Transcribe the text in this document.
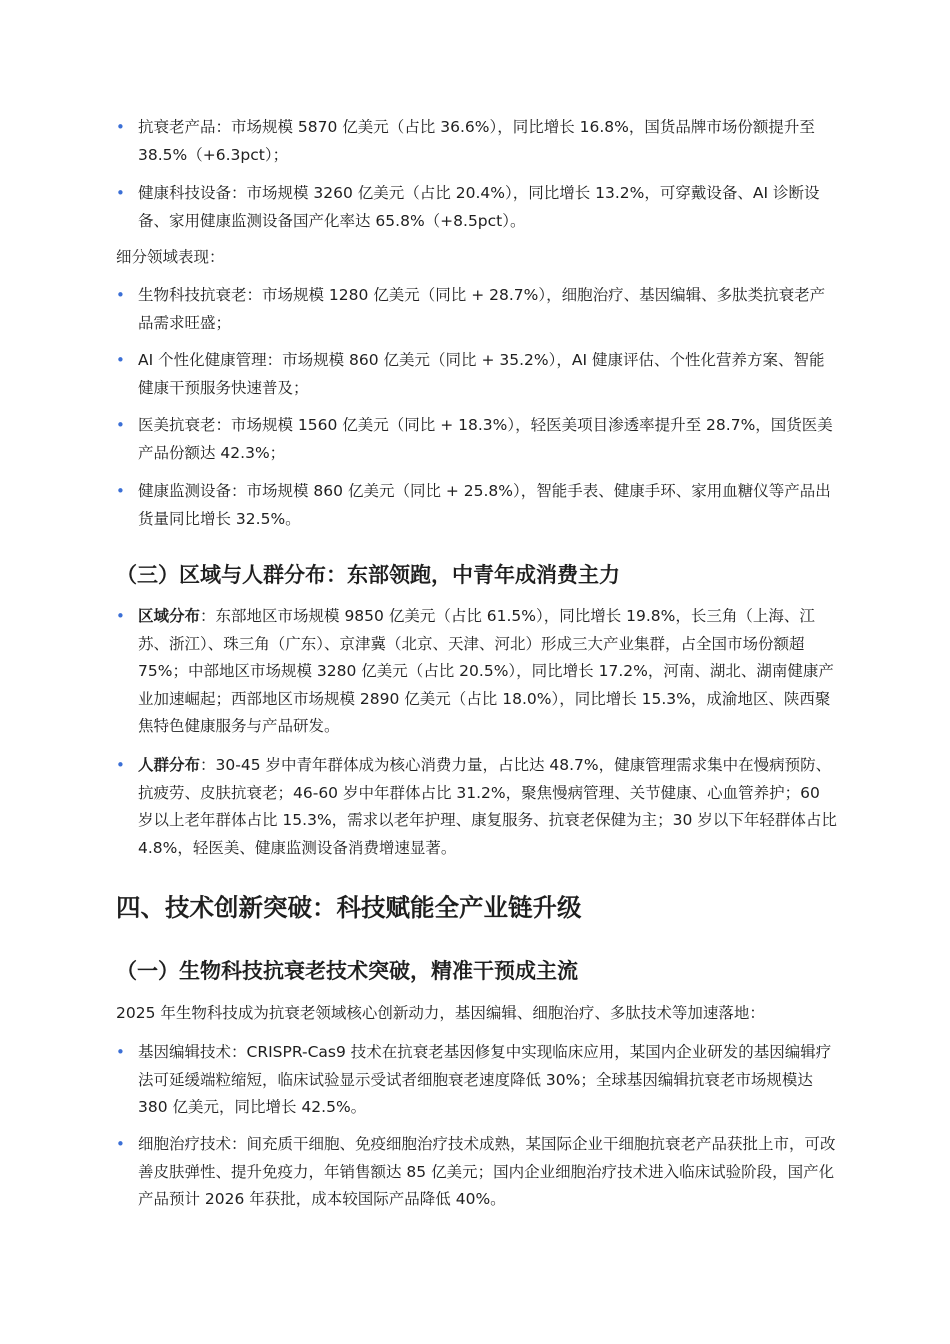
• 抗衰老产品：市场规模 5870 亿美元（占比 36.6%），同比增长 16.8%，国货品牌市场份额提升至 38.5%（+6.3pct）；
• 健康科技设备：市场规模 3260 亿美元（占比 20.4%），同比增长 13.2%，可穿戴设备、AI 诊断设备、家用健康监测设备国产化率达 65.8%（+8.5pct）。

细分领域表现：

• 生物科技抗衰老：市场规模 1280 亿美元（同比 + 28.7%），细胞治疗、基因编辑、多肽类抗衰老产品需求旺盛；
• AI 个性化健康管理：市场规模 860 亿美元（同比 + 35.2%），AI 健康评估、个性化营养方案、智能健康干预服务快速普及；
• 医美抗衰老：市场规模 1560 亿美元（同比 + 18.3%），轻医美项目渗透率提升至 28.7%，国货医美产品份额达 42.3%；
• 健康监测设备：市场规模 860 亿美元（同比 + 25.8%），智能手表、健康手环、家用血糖仪等产品出货量同比增长 32.5%。
（三）区域与人群分布：东部领跑，中青年成消费主力
• 区域分布：东部地区市场规模 9850 亿美元（占比 61.5%），同比增长 19.8%，长三角（上海、江苏、浙江）、珠三角（广东）、京津冀（北京、天津、河北）形成三大产业集群，占全国市场份额超 75%；中部地区市场规模 3280 亿美元（占比 20.5%），同比增长 17.2%，河南、湖北、湖南健康产业加速崛起；西部地区市场规模 2890 亿美元（占比 18.0%），同比增长 15.3%，成渝地区、陕西聚焦特色健康服务与产品研发。
• 人群分布：30-45 岁中青年群体成为核心消费力量，占比达 48.7%，健康管理需求集中在慢病预防、抗疲劳、皮肤抗衰老；46-60 岁中年群体占比 31.2%，聚焦慢病管理、关节健康、心血管养护；60 岁以上老年群体占比 15.3%，需求以老年护理、康复服务、抗衰老保健为主；30 岁以下年轻群体占比 4.8%，轻医美、健康监测设备消费增速显著。
四、技术创新突破：科技赋能全产业链升级
（一）生物科技抗衰老技术突破，精准干预成主流

2025 年生物科技成为抗衰老领域核心创新动力，基因编辑、细胞治疗、多肽技术等加速落地：

• 基因编辑技术：CRISPR-Cas9 技术在抗衰老基因修复中实现临床应用，某国内企业研发的基因编辑疗法可延缓端粒缩短，临床试验显示受试者细胞衰老速度降低 30%；全球基因编辑抗衰老市场规模达 380 亿美元，同比增长 42.5%。
• 细胞治疗技术：间充质干细胞、免疫细胞治疗技术成熟，某国际企业干细胞抗衰老产品获批上市，可改善皮肤弹性、提升免疫力，年销售额达 85 亿美元；国内企业细胞治疗技术进入临床试验阶段，国产化产品预计 2026 年获批，成本较国际产品降低 40%。
